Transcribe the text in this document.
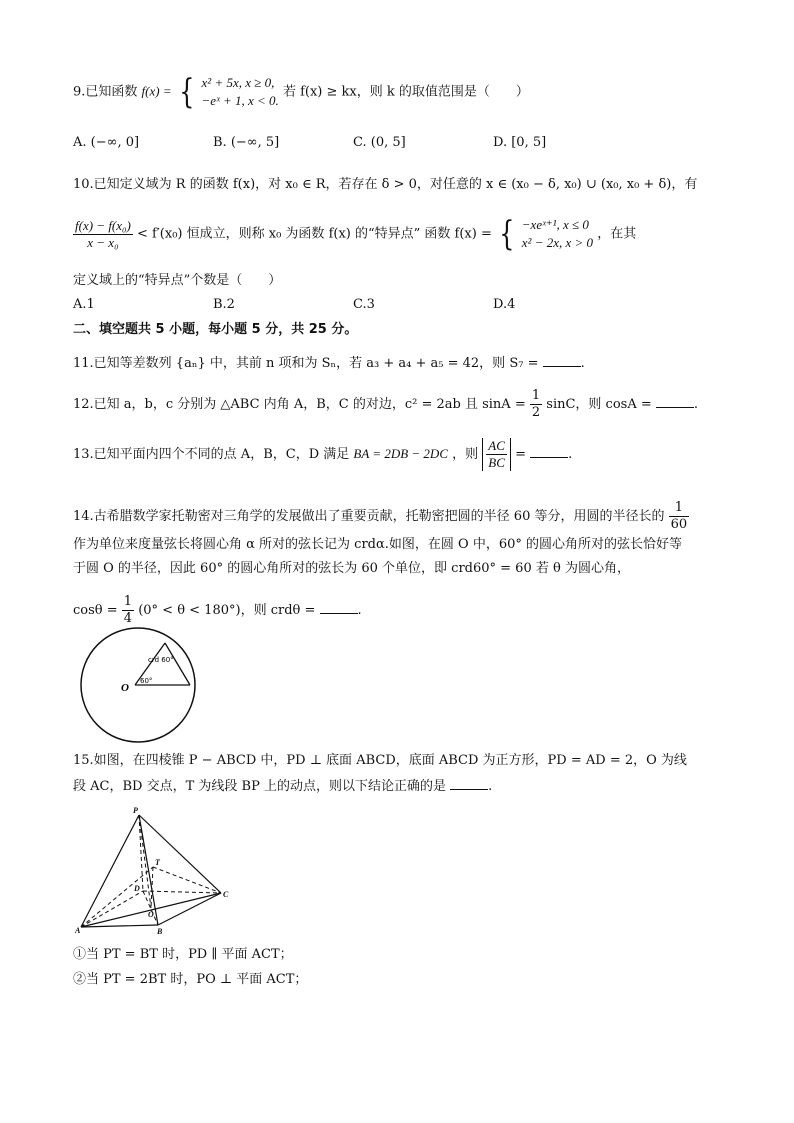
9.已知函数 f(x) = { x² + 5x, x ≥ 0,
−eˣ + 1, x < 0.
若 f(x) ≥ kx，则 k 的取值范围是（　　）
A. (−∞, 0]	B. (−∞, 5]	C. (0, 5]	D. [0, 5]
10.已知定义域为 R 的函数 f(x)，对 x₀ ∈ R，若存在 δ > 0，对任意的 x ∈ (x₀ − δ, x₀) ∪ (x₀, x₀ + δ)，有
$\frac{\text{f(x) − f(x₀)}}{\text{x − x₀}} < f'(x_0)$ 恒成立，则称 x₀ 为函数 f(x) 的“特异点” 函数 f(x) = { −xeˣ⁺¹, x ≤ 0
x² − 2x, x > 0
，在其
定义域上的“特异点”个数是（　　）
A.1	B.2	C.3	D.4
二、填空题共 5 小题，每小题 5 分，共 25 分。
11.已知等差数列 {aₙ} 中，其前 n 项和为 Sₙ，若 a₃ + a₄ + a₅ = 42，则 S₇ =	.
12.已知 a，b，c 分别为 △ABC 内角 A，B，C 的对边，c² = 2ab 且 $\sin A = \frac{1}{2}$ sinC，则 cosA =	.
13.已知平面内四个不同的点 A，B，C，D 满足 BA = 2DB − 2DC ，则 $\frac{AC}{BC}$ =	.
14.古希腊数学家托勒密对三角学的发展做出了重要贡献，托勒密把圆的半径 60 等分，用圆的半径长的 $\frac{1}{60}$
作为单位来度量弦长将圆心角 α 所对的弦长记为 crdα.如图，在圆 O 中，60° 的圆心角所对的弦长恰好等
于圆 O 的半径，因此 60° 的圆心角所对的弦长为 60 个单位，即 crd60° = 60 若 θ 为圆心角，
$\cos\theta = \frac{1}{4} (0^\circ < \theta < 180^\circ)$，则 crdθ =	.
O
60°
crd 60°
15.如图，在四棱锥 P − ABCD 中，PD ⊥ 底面 ABCD，底面 ABCD 为正方形，PD = AD = 2，O 为线
段 AC，BD 交点，T 为线段 BP 上的动点，则以下结论正确的是	.
P
T
D
C
O
A	B
①当 PT = BT 时，PD ∥ 平面 ACT；
②当 PT = 2BT 时，PO ⊥ 平面 ACT；
